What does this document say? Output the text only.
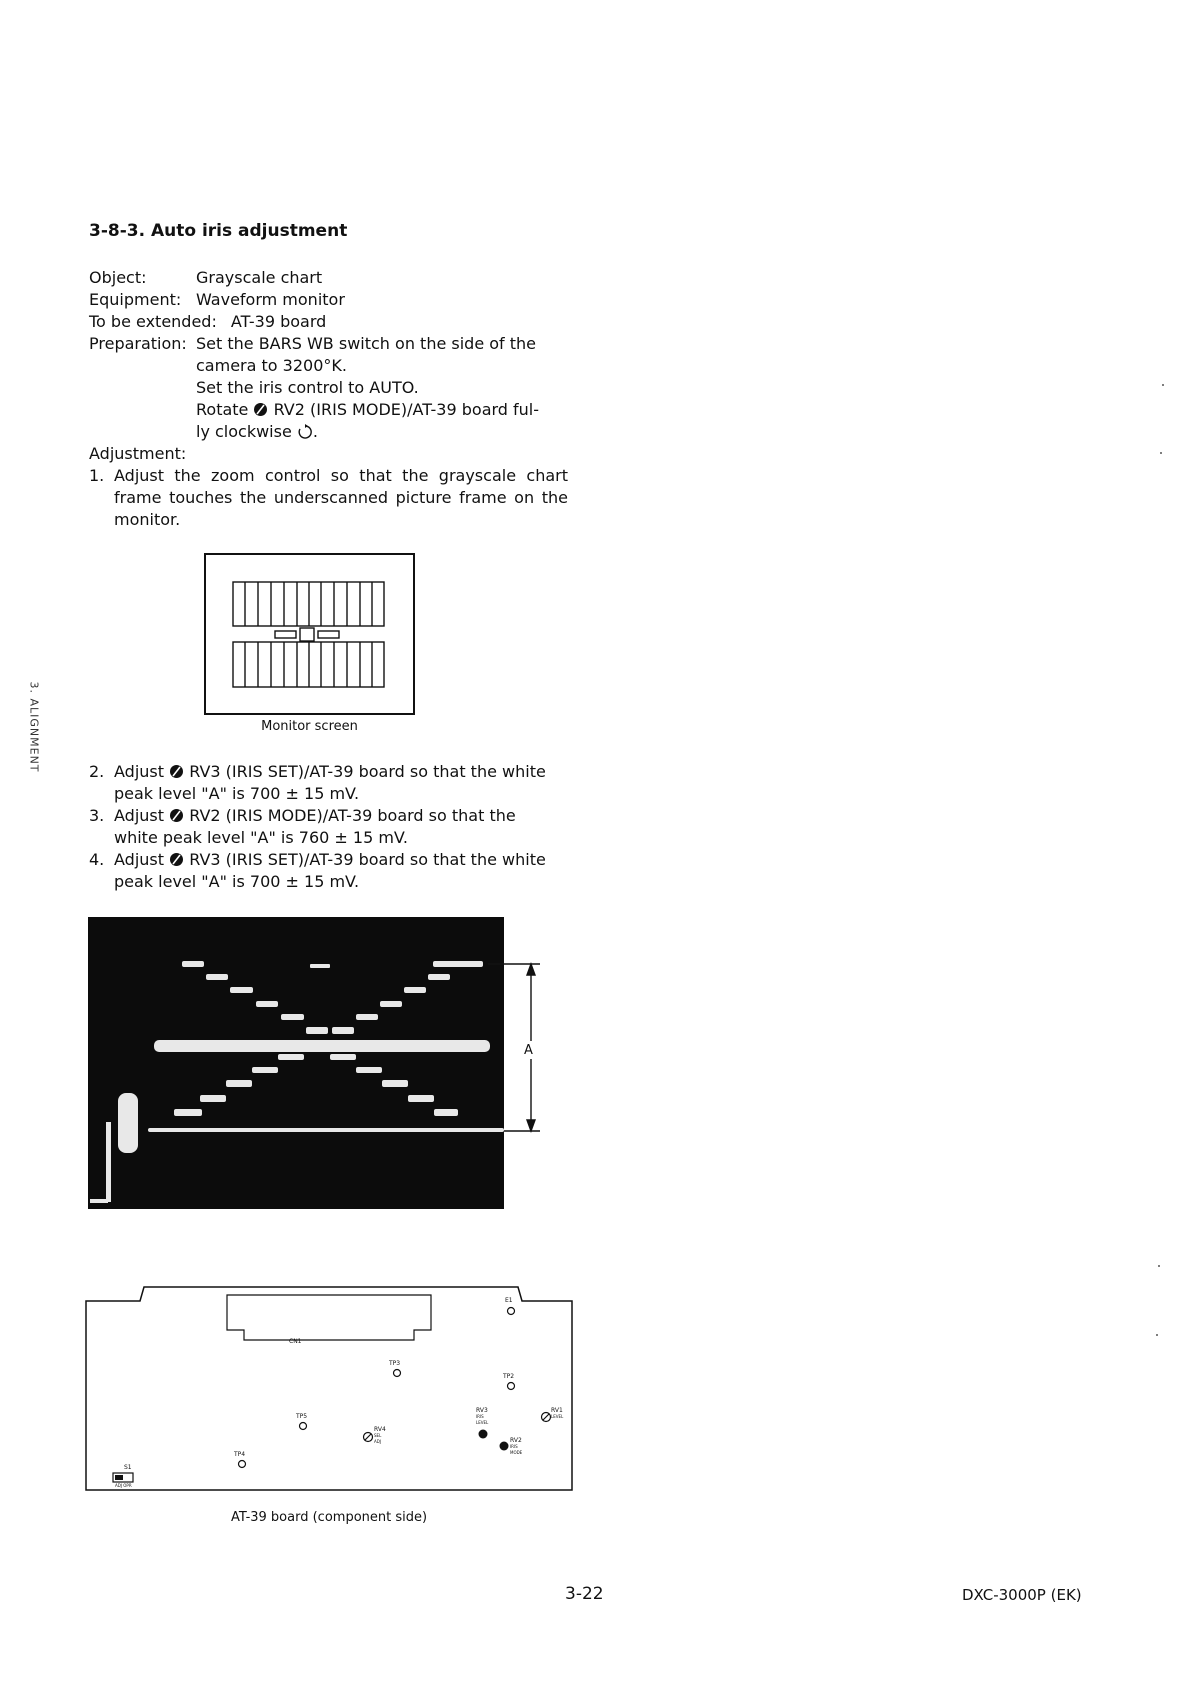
3. ALIGNMENT
3-8-3. Auto iris adjustment
Object:	Grayscale chart
Equipment: Waveform monitor
To be extended: AT-39 board
Preparation: Set the BARS WB switch on the side of the
camera to 3200°K.
Set the iris control to AUTO.
Rotate  RV2 (IRIS MODE)/AT-39 board ful-
ly clockwise .
Adjustment:
1. Adjust the zoom control so that the grayscale chart
frame touches the underscanned picture frame on the
monitor.
Monitor screen
2. Adjust  RV3 (IRIS SET)/AT-39 board so that the white
peak level "A" is 700 ± 15 mV.
3. Adjust  RV2 (IRIS MODE)/AT-39 board so that the
white peak level "A" is 760 ± 15 mV.
4. Adjust  RV3 (IRIS SET)/AT-39 board so that the white
peak level "A" is 700 ± 15 mV.
A
CN1
E1
TP3
TP2
TP5
TP4
RV4
SEL ADJ
RV3
IRIS LEVEL
RV1
LEVEL
RV2
IRIS MODE
S1
ADJ OPR
AT-39 board (component side)
3-22	DXC-3000P (EK)
